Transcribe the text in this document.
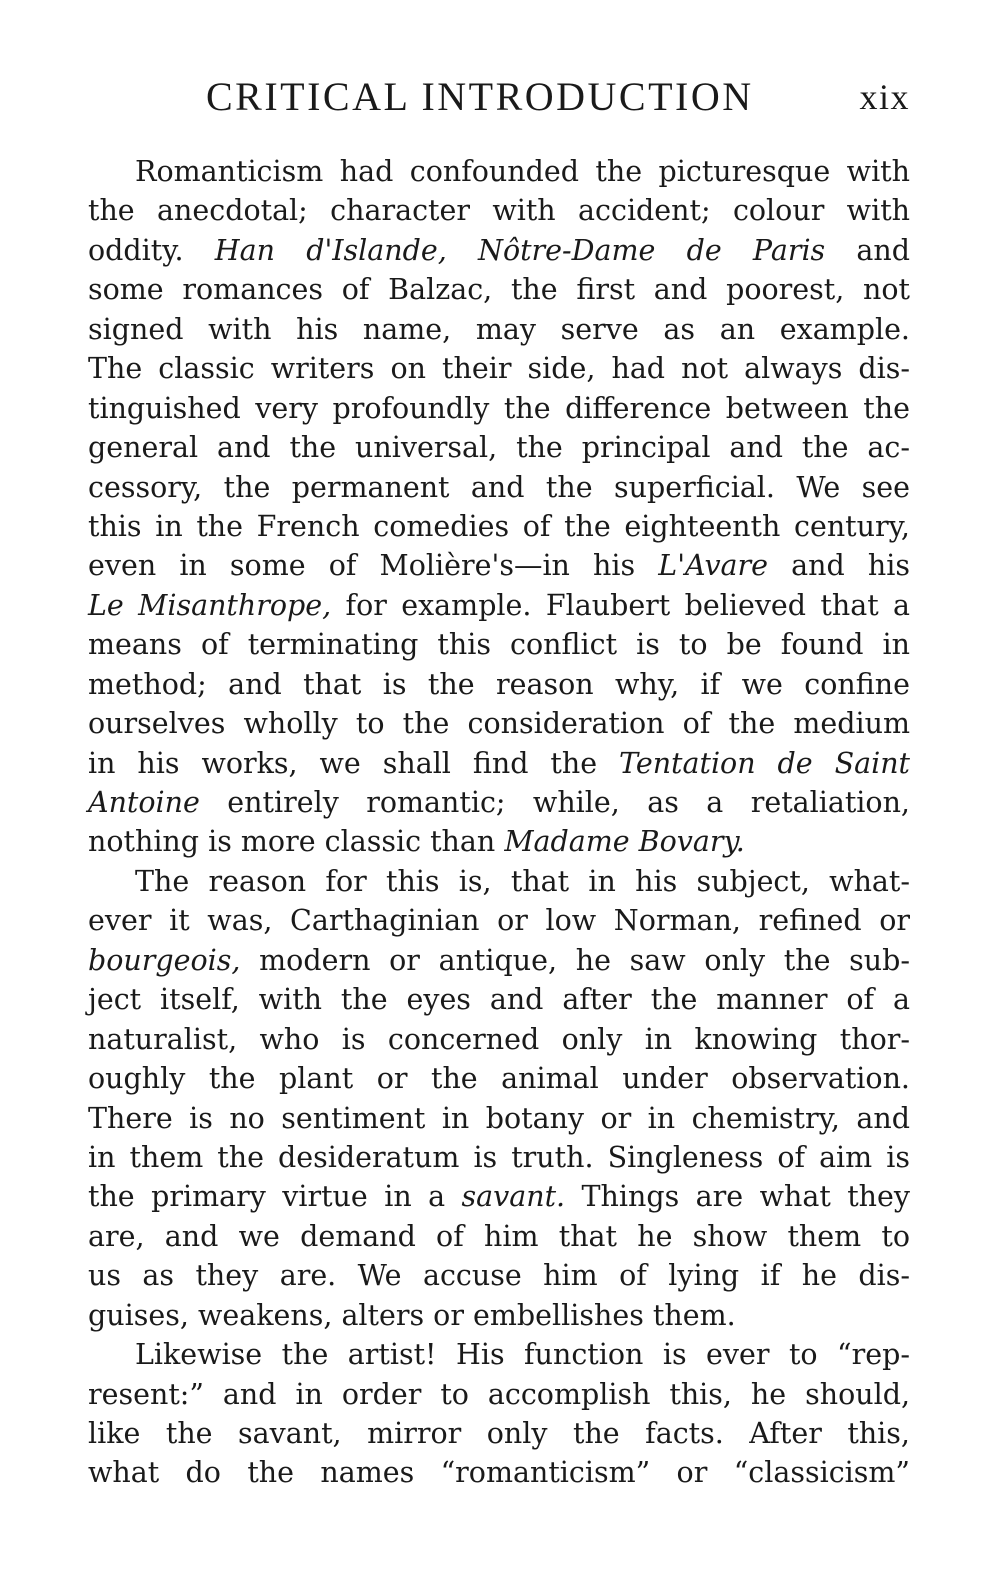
CRITICAL INTRODUCTION	xix
Romanticism had confounded the picturesque with
the anecdotal; character with accident; colour with
oddity. Han d'Islande, Nôtre-Dame de Paris and
some romances of Balzac, the first and poorest, not
signed with his name, may serve as an example.
The classic writers on their side, had not always dis-
tinguished very profoundly the difference between the
general and the universal, the principal and the ac-
cessory, the permanent and the superficial. We see
this in the French comedies of the eighteenth century,
even in some of Molière's—in his L'Avare and his
Le Misanthrope, for example. Flaubert believed that a
means of terminating this conflict is to be found in
method; and that is the reason why, if we confine
ourselves wholly to the consideration of the medium
in his works, we shall find the Tentation de Saint
Antoine entirely romantic; while, as a retaliation,
nothing is more classic than Madame Bovary.
The reason for this is, that in his subject, what-
ever it was, Carthaginian or low Norman, refined or
bourgeois, modern or antique, he saw only the sub-
ject itself, with the eyes and after the manner of a
naturalist, who is concerned only in knowing thor-
oughly the plant or the animal under observation.
There is no sentiment in botany or in chemistry, and
in them the desideratum is truth. Singleness of aim is
the primary virtue in a savant. Things are what they
are, and we demand of him that he show them to
us as they are. We accuse him of lying if he dis-
guises, weakens, alters or embellishes them.
Likewise the artist! His function is ever to “rep-
resent:” and in order to accomplish this, he should,
like the savant, mirror only the facts. After this,
what do the names “romanticism” or “classicism”
